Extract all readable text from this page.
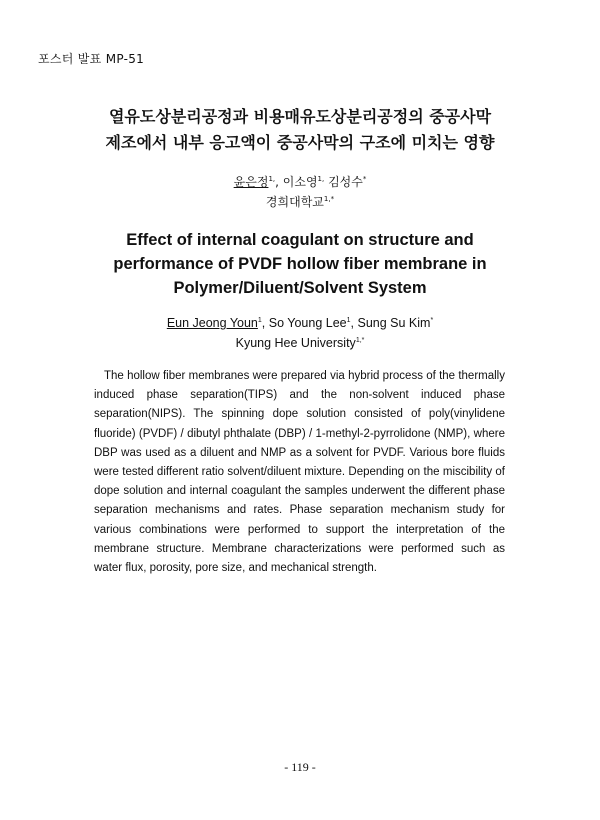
포스터 발표 MP-51
열유도상분리공정과 비용매유도상분리공정의 중공사막
제조에서 내부 응고액이 중공사막의 구조에 미치는 영향
윤은정$^{1,}$, 이소영$^{1,}$ 김성수*
경희대학교$^{1,*}$
Effect of internal coagulant on structure and
performance of PVDF hollow fiber membrane in
Polymer/Diluent/Solvent System
Eun Jeong Youn$^1$, So Young Lee$^1$, Sung Su Kim*
Kyung Hee University$^{1,*}$

The hollow fiber membranes were prepared via hybrid process of the thermally induced phase separation(TIPS) and the non-solvent induced phase separation(NIPS). The spinning dope solution consisted of poly(vinylidene fluoride) (PVDF) / dibutyl phthalate (DBP) / 1-methyl-2-pyrrolidone (NMP), where DBP was used as a diluent and NMP as a solvent for PVDF. Various bore fluids were tested different ratio solvent/diluent mixture. Depending on the miscibility of dope solution and internal coagulant the samples underwent the different phase separation mechanisms and rates. Phase separation mechanism study for various combinations were performed to support the interpretation of the membrane structure. Membrane characterizations were performed such as water flux, porosity, pore size, and mechanical strength.

- 119 -
